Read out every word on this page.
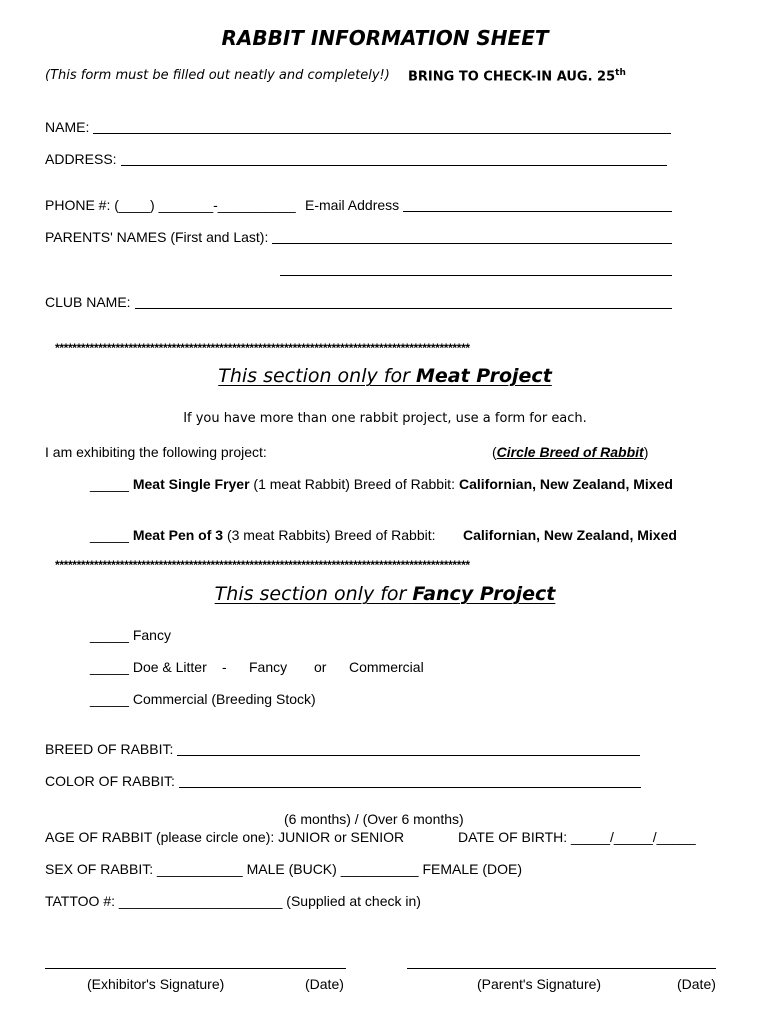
RABBIT INFORMATION SHEET
(This form must be filled out neatly and completely!) BRING TO CHECK-IN AUG. 25th
NAME:
ADDRESS:
PHONE #: (____) _______-__________ E-mail Address
PARENTS' NAMES (First and Last):
CLUB NAME:
************************************************************************************************
This section only for Meat Project
If you have more than one rabbit project, use a form for each.
I am exhibiting the following project:	(Circle Breed of Rabbit)
_____ Meat Single Fryer (1 meat Rabbit) Breed of Rabbit: Californian, New Zealand, Mixed
_____ Meat Pen of 3 (3 meat Rabbits) Breed of Rabbit: Californian, New Zealand, Mixed
************************************************************************************************
This section only for Fancy Project
_____ Fancy
_____ Doe & Litter - Fancy or Commercial
_____ Commercial (Breeding Stock)
BREED OF RABBIT:
COLOR OF RABBIT:
(6 months) / (Over 6 months)
AGE OF RABBIT (please circle one): JUNIOR or SENIOR	DATE OF BIRTH: _____/_____/_____
SEX OF RABBIT: ___________ MALE (BUCK) __________ FEMALE (DOE)
TATTOO #: _____________________ (Supplied at check in)
(Exhibitor's Signature)	(Date)	(Parent's Signature)	(Date)
